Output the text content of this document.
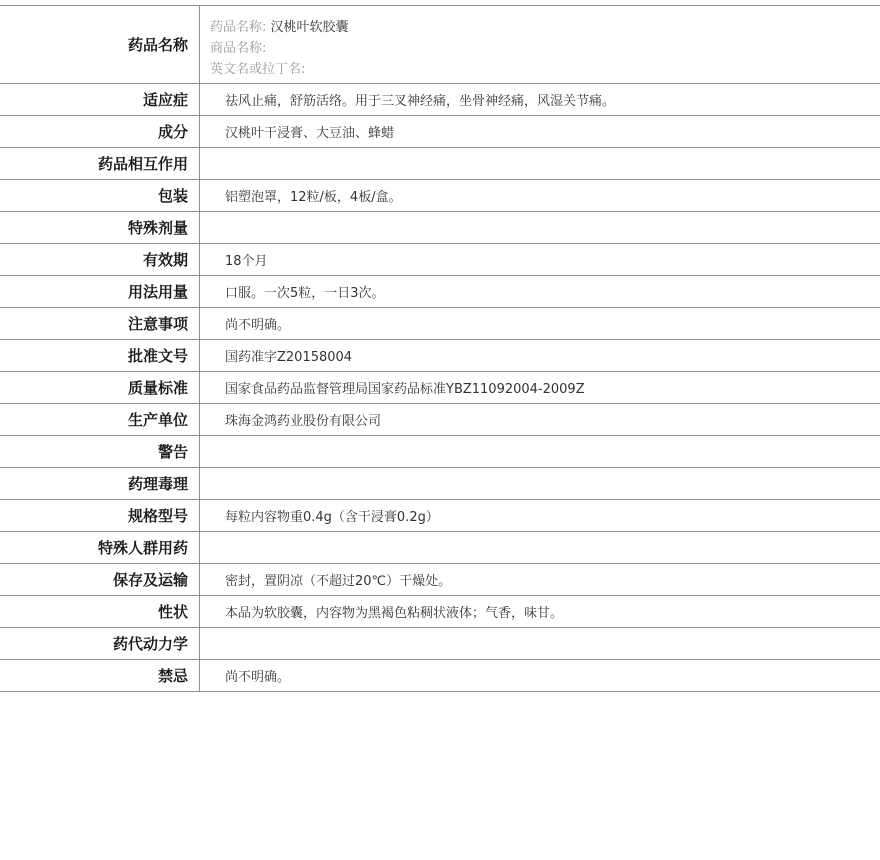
药品名称
药品名称: 汉桃叶软胶囊
商品名称:
英文名或拉丁名:
适应症	祛风止痛，舒筋活络。用于三叉神经痛，坐骨神经痛，风湿关节痛。
成分	汉桃叶干浸膏、大豆油、蜂蜡
药品相互作用
包装	铝塑泡罩，12粒/板，4板/盒。
特殊剂量
有效期	18个月
用法用量	口服。一次5粒，一日3次。
注意事项	尚不明确。
批准文号	国药准字Z20158004
质量标准	国家食品药品监督管理局国家药品标准YBZ11092004-2009Z
生产单位	珠海金鸿药业股份有限公司
警告
药理毒理
规格型号	每粒内容物重0.4g（含干浸膏0.2g）
特殊人群用药
保存及运输	密封，置阴凉（不超过20℃）干燥处。
性状	本品为软胶囊，内容物为黑褐色粘稠状液体；气香，味甘。
药代动力学
禁忌	尚不明确。
